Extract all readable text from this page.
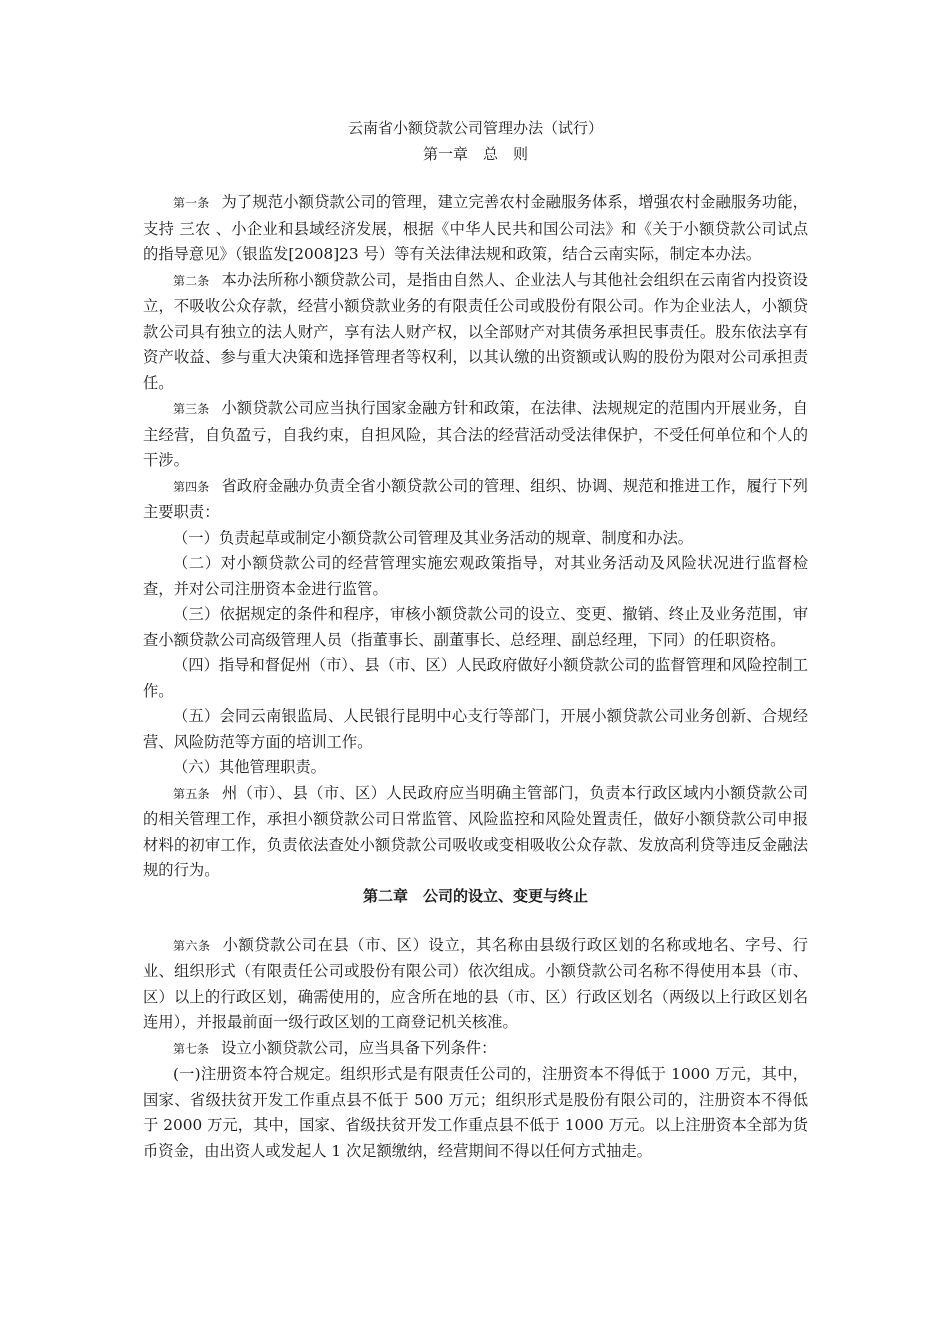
云南省小额贷款公司管理办法（试行）
第一章　总　则

第一条 为了规范小额贷款公司的管理，建立完善农村金融服务体系，增强农村金融服务功能，支持 三农 、小企业和县域经济发展，根据《中华人民共和国公司法》和《关于小额贷款公司试点的指导意见》（银监发[2008]23 号）等有关法律法规和政策，结合云南实际，制定本办法。

第二条 本办法所称小额贷款公司，是指由自然人、企业法人与其他社会组织在云南省内投资设立，不吸收公众存款，经营小额贷款业务的有限责任公司或股份有限公司。作为企业法人，小额贷款公司具有独立的法人财产，享有法人财产权，以全部财产对其债务承担民事责任。股东依法享有资产收益、参与重大决策和选择管理者等权利，以其认缴的出资额或认购的股份为限对公司承担责任。

第三条 小额贷款公司应当执行国家金融方针和政策，在法律、法规规定的范围内开展业务，自主经营，自负盈亏，自我约束，自担风险，其合法的经营活动受法律保护，不受任何单位和个人的干涉。

第四条 省政府金融办负责全省小额贷款公司的管理、组织、协调、规范和推进工作，履行下列主要职责：

（一）负责起草或制定小额贷款公司管理及其业务活动的规章、制度和办法。

（二）对小额贷款公司的经营管理实施宏观政策指导，对其业务活动及风险状况进行监督检查，并对公司注册资本金进行监管。

（三）依据规定的条件和程序，审核小额贷款公司的设立、变更、撤销、终止及业务范围，审查小额贷款公司高级管理人员（指董事长、副董事长、总经理、副总经理，下同）的任职资格。

（四）指导和督促州（市）、县（市、区）人民政府做好小额贷款公司的监督管理和风险控制工作。

（五）会同云南银监局、人民银行昆明中心支行等部门，开展小额贷款公司业务创新、合规经营、风险防范等方面的培训工作。

（六）其他管理职责。

第五条 州（市）、县（市、区）人民政府应当明确主管部门，负责本行政区域内小额贷款公司的相关管理工作，承担小额贷款公司日常监管、风险监控和风险处置责任，做好小额贷款公司申报材料的初审工作，负责依法查处小额贷款公司吸收或变相吸收公众存款、发放高利贷等违反金融法规的行为。

第二章　公司的设立、变更与终止

第六条 小额贷款公司在县（市、区）设立，其名称由县级行政区划的名称或地名、字号、行业、组织形式（有限责任公司或股份有限公司）依次组成。小额贷款公司名称不得使用本县（市、区）以上的行政区划，确需使用的，应含所在地的县（市、区）行政区划名（两级以上行政区划名连用），并报最前面一级行政区划的工商登记机关核准。

第七条 设立小额贷款公司，应当具备下列条件：

(一)注册资本符合规定。组织形式是有限责任公司的，注册资本不得低于 1000 万元，其中，国家、省级扶贫开发工作重点县不低于 500 万元；组织形式是股份有限公司的，注册资本不得低于 2000 万元，其中，国家、省级扶贫开发工作重点县不低于 1000 万元。以上注册资本全部为货币资金，由出资人或发起人 1 次足额缴纳，经营期间不得以任何方式抽走。
